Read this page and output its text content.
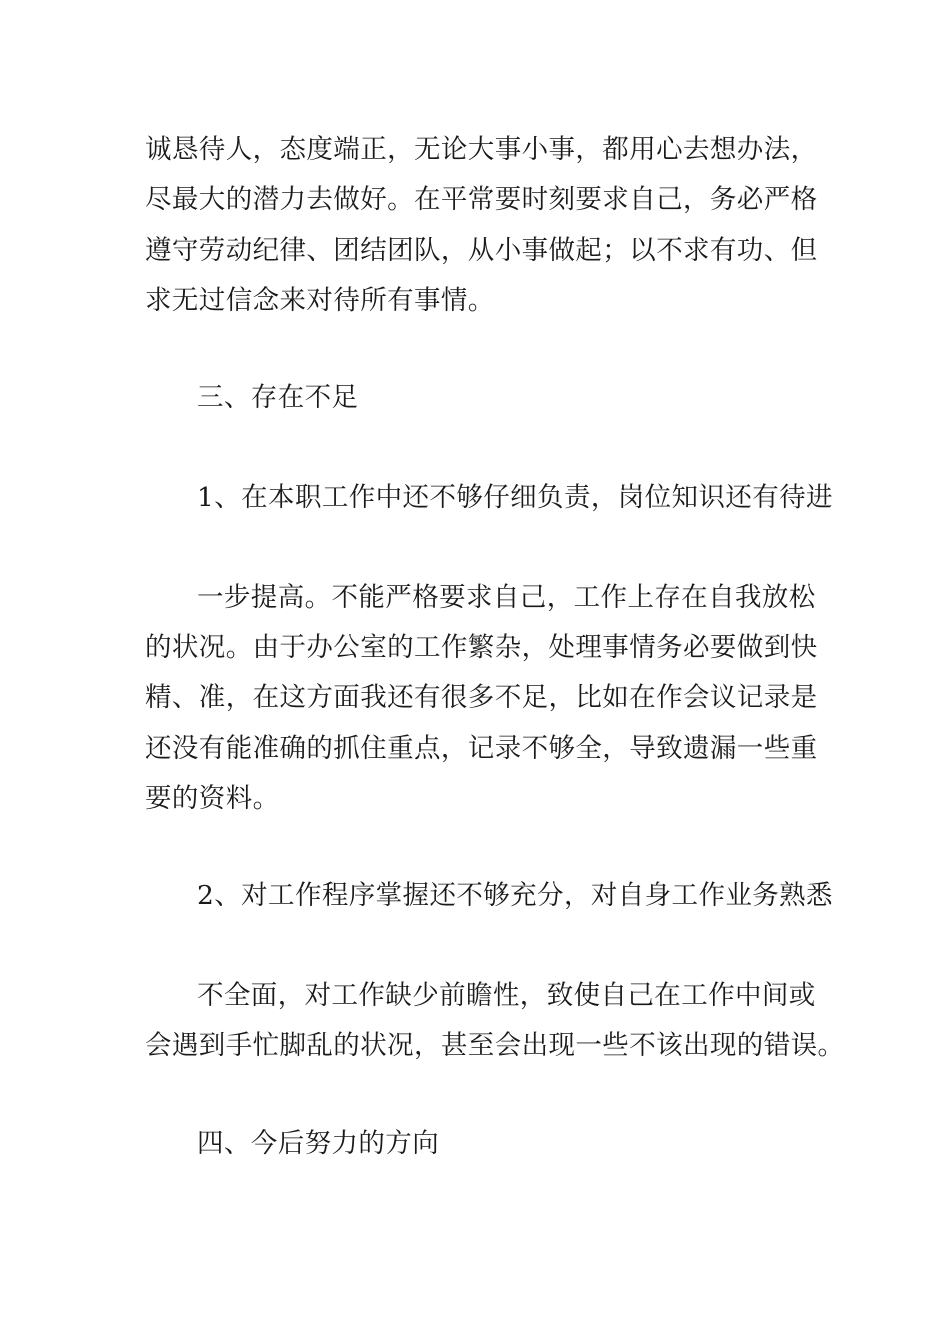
诚恳待人，态度端正，无论大事小事，都用心去想办法，
尽最大的潜力去做好。在平常要时刻要求自己，务必严格
遵守劳动纪律、团结团队，从小事做起；以不求有功、但
求无过信念来对待所有事情。
三、存在不足
1、在本职工作中还不够仔细负责，岗位知识还有待进
一步提高。不能严格要求自己，工作上存在自我放松
的状况。由于办公室的工作繁杂，处理事情务必要做到快
精、准，在这方面我还有很多不足，比如在作会议记录是
还没有能准确的抓住重点，记录不够全，导致遗漏一些重
要的资料。
2、对工作程序掌握还不够充分，对自身工作业务熟悉
不全面，对工作缺少前瞻性，致使自己在工作中间或
会遇到手忙脚乱的状况，甚至会出现一些不该出现的错误。
四、今后努力的方向
